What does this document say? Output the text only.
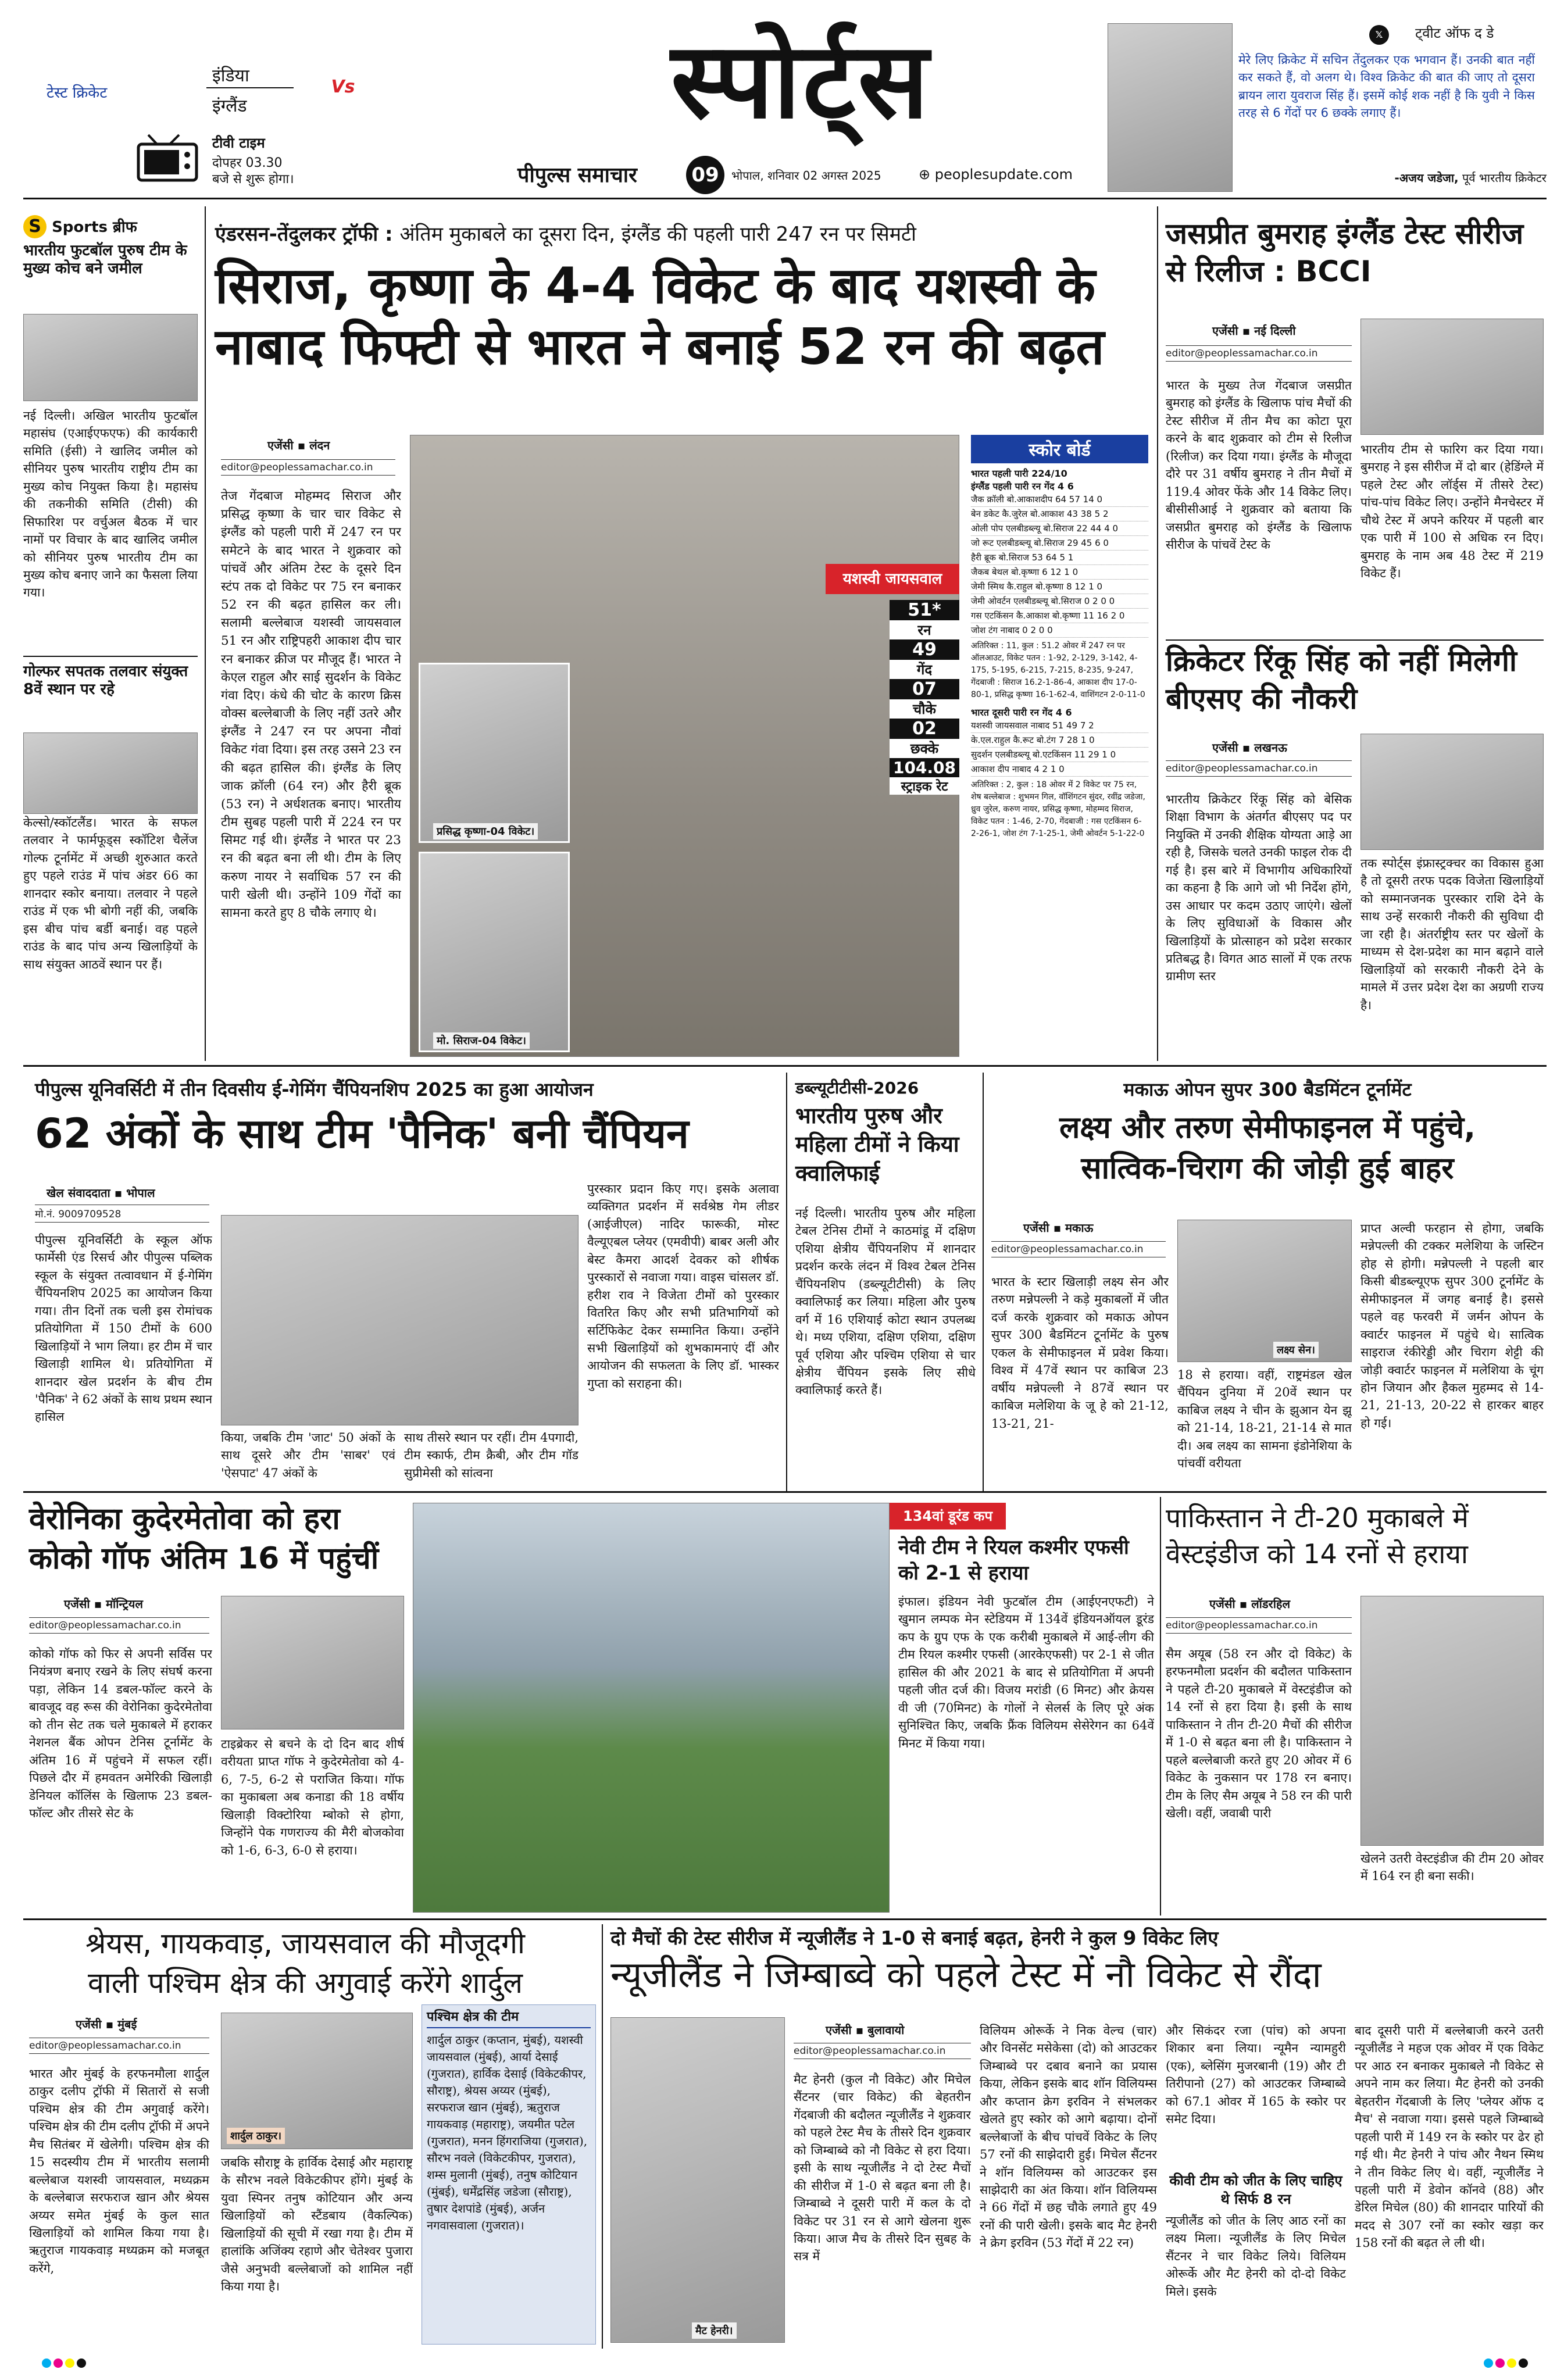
टेस्ट क्रिकेट
इंडिया
इंग्लैंड
Vs
टीवी टाइम
दोपहर 03.30
बजे से शुरू होगा।
स्पोर्ट्स
पीपुल्स समाचार	09	भोपाल, शनिवार 02 अगस्त 2025	⊕ peoplesupdate.com
𝕏 ट्वीट ऑफ द डे
मेरे लिए क्रिकेट में सचिन तेंदुलकर एक भगवान हैं। उनकी बात नहीं कर सकते हैं, वो अलग थे। विश्व क्रिकेट की बात की जाए तो दूसरा ब्रायन लारा युवराज सिंह हैं। इसमें कोई शक नहीं है कि युवी ने किस तरह से 6 गेंदों पर 6 छक्के लगाए हैं।
-अजय जडेजा, पूर्व भारतीय क्रिकेटर
S Sports ब्रीफ
भारतीय फुटबॉल पुरुष टीम के मुख्य कोच बने जमील
नई दिल्ली। अखिल भारतीय फुटबॉल महासंघ (एआईएफएफ) की कार्यकारी समिति (ईसी) ने खालिद जमील को सीनियर पुरुष भारतीय राष्ट्रीय टीम का मुख्य कोच नियुक्त किया है। महासंघ की तकनीकी समिति (टीसी) की सिफारिश पर वर्चुअल बैठक में चार नामों पर विचार के बाद खालिद जमील को सीनियर पुरुष भारतीय टीम का मुख्य कोच बनाए जाने का फैसला लिया गया।
गोल्फर सपतक तलवार संयुक्त 8वें स्थान पर रहे
केल्सो/स्कॉटलैंड। भारत के सफल तलवार ने फार्मफूड्स स्कॉटिश चैलेंज गोल्फ टूर्नामेंट में अच्छी शुरुआत करते हुए पहले राउंड में पांच अंडर 66 का शानदार स्कोर बनाया। तलवार ने पहले राउंड में एक भी बोगी नहीं की, जबकि इस बीच पांच बर्डी बनाई। वह पहले राउंड के बाद पांच अन्य खिलाड़ियों के साथ संयुक्त आठवें स्थान पर हैं।
एंडरसन-तेंदुलकर ट्रॉफी : अंतिम मुकाबले का दूसरा दिन, इंग्लैंड की पहली पारी 247 रन पर सिमटी
सिराज, कृष्णा के 4-4 विकेट के बाद यशस्वी के
नाबाद फिफ्टी से भारत ने बनाई 52 रन की बढ़त
एजेंसी ▪ लंदन
editor@peoplessamachar.co.in
तेज गेंदबाज मोहम्मद सिराज और प्रसिद्ध कृष्णा के चार चार विकेट से इंग्लैंड को पहली पारी में 247 रन पर समेटने के बाद भारत ने शुक्रवार को पांचवें और अंतिम टेस्ट के दूसरे दिन स्टंप तक दो विकेट पर 75 रन बनाकर 52 रन की बढ़त हासिल कर ली। सलामी बल्लेबाज यशस्वी जायसवाल 51 रन और राष्ट्रिपहरी आकाश दीप चार रन बनाकर क्रीज पर मौजूद हैं। भारत ने केएल राहुल और साई सुदर्शन के विकेट गंवा दिए। कंधे की चोट के कारण क्रिस वोक्स बल्लेबाजी के लिए नहीं उतरे और इंग्लैंड ने 247 रन पर अपना नौवां विकेट गंवा दिया। इस तरह उसने 23 रन की बढ़त हासिल की। इंग्लैंड के लिए जाक क्रॉली (64 रन) और हैरी ब्रूक (53 रन) ने अर्धशतक बनाए। भारतीय टीम सुबह पहली पारी में 224 रन पर सिमट गई थी। इंग्लैंड ने भारत पर 23 रन की बढ़त बना ली थी। टीम के लिए करुण नायर ने सर्वाधिक 57 रन की पारी खेली थी। उन्होंने 109 गेंदों का सामना करते हुए 8 चौके लगाए थे।
यशस्वी जायसवाल
51*
रन
49
गेंद
07
चौके
02
छक्के
104.08
स्ट्राइक रेट
प्रसिद्ध कृष्णा-04 विकेट।
मो. सिराज-04 विकेट।
स्कोर बोर्ड
भारत पहली पारी 224/10
इंग्लैंड पहली पारी रन गेंद 4 6
जैक क्रॉली बो.आकाशदीप 64 57 14 0
बेन डकेट कै.जुरेल बो.आकाश 43 38 5 2
ओली पोप एलबीडब्ल्यू बो.सिराज 22 44 4 0
जो रूट एलबीडब्ल्यू बो.सिराज 29 45 6 0
हैरी ब्रूक बो.सिराज 53 64 5 1
जैकब बेथल बो.कृष्णा 6 12 1 0
जेमी स्मिथ कै.राहुल बो.कृष्णा 8 12 1 0
जेमी ओवर्टन एलबीडब्ल्यू बो.सिराज 0 2 0 0
गस एटकिंसन कै.आकाश बो.कृष्णा 11 16 2 0
जोश टंग नाबाद 0 2 0 0
अतिरिक्त : 11, कुल : 51.2 ओवर में 247 रन पर ऑलआउट, विकेट पतन : 1-92, 2-129, 3-142, 4-175, 5-195, 6-215, 7-215, 8-235, 9-247, गेंदबाजी : सिराज 16.2-1-86-4, आकाश दीप 17-0-80-1, प्रसिद्ध कृष्णा 16-1-62-4, वाशिंगटन 2-0-11-0
भारत दूसरी पारी रन गेंद 4 6
यशस्वी जायसवाल नाबाद 51 49 7 2
के.एल.राहुल कै.रूट बो.टंग 7 28 1 0
सुदर्शन एलबीडब्ल्यू बो.एटकिंसन 11 29 1 0
आकाश दीप नाबाद 4 2 1 0
अतिरिक्त : 2, कुल : 18 ओवर में 2 विकेट पर 75 रन, शेष बल्लेबाज : शुभमन गिल, वॉशिंगटन सुंदर, रवींद्र जडेजा, ध्रुव जुरेल, करुण नायर, प्रसिद्ध कृष्णा, मोहम्मद सिराज, विकेट पतन : 1-46, 2-70, गेंदबाजी : गस एटकिंसन 6-2-26-1, जोश टंग 7-1-25-1, जेमी ओवर्टन 5-1-22-0
जसप्रीत बुमराह इंग्लैंड टेस्ट सीरीज से रिलीज : BCCI
एजेंसी ▪ नई दिल्ली
editor@peoplessamachar.co.in
भारत के मुख्य तेज गेंदबाज जसप्रीत बुमराह को इंग्लैंड के खिलाफ पांच मैचों की टेस्ट सीरीज में तीन मैच का कोटा पूरा करने के बाद शुक्रवार को टीम से रिलीज (रिलीज) कर दिया गया। इंग्लैंड के मौजूदा दौरे पर 31 वर्षीय बुमराह ने तीन मैचों में 119.4 ओवर फेंके और 14 विकेट लिए। बीसीसीआई ने शुक्रवार को बताया कि जसप्रीत बुमराह को इंग्लैंड के खिलाफ सीरीज के पांचवें टेस्ट के
भारतीय टीम से फारिग कर दिया गया। बुमराह ने इस सीरीज में दो बार (हेडिंग्ले में पहले टेस्ट और लॉर्ड्स में तीसरे टेस्ट) पांच-पांच विकेट लिए। उन्होंने मैनचेस्टर में चौथे टेस्ट में अपने करियर में पहली बार एक पारी में 100 से अधिक रन दिए। बुमराह के नाम अब 48 टेस्ट में 219 विकेट हैं।
क्रिकेटर रिंकू सिंह को नहीं मिलेगी बीएसए की नौकरी
एजेंसी ▪ लखनऊ
editor@peoplessamachar.co.in
भारतीय क्रिकेटर रिंकू सिंह को बेसिक शिक्षा विभाग के अंतर्गत बीएसए पद पर नियुक्ति में उनकी शैक्षिक योग्यता आड़े आ रही है, जिसके चलते उनकी फाइल रोक दी गई है। इस बारे में विभागीय अधिकारियों का कहना है कि आगे जो भी निर्देश होंगे, उस आधार पर कदम उठाए जाएंगे। खेलों के लिए सुविधाओं के विकास और खिलाड़ियों के प्रोत्साहन को प्रदेश सरकार प्रतिबद्ध है। विगत आठ सालों में एक तरफ ग्रामीण स्तर
तक स्पोर्ट्स इंफ्रास्ट्रक्चर का विकास हुआ है तो दूसरी तरफ पदक विजेता खिलाड़ियों को सम्मानजनक पुरस्कार राशि देने के साथ उन्हें सरकारी नौकरी की सुविधा दी जा रही है। अंतर्राष्ट्रीय स्तर पर खेलों के माध्यम से देश-प्रदेश का मान बढ़ाने वाले खिलाड़ियों को सरकारी नौकरी देने के मामले में उत्तर प्रदेश देश का अग्रणी राज्य है।
पीपुल्स यूनिवर्सिटी में तीन दिवसीय ई-गेमिंग चैंपियनशिप 2025 का हुआ आयोजन
62 अंकों के साथ टीम 'पैनिक' बनी चैंपियन
खेल संवाददाता ▪ भोपाल
मो.नं. 9009709528
पीपुल्स यूनिवर्सिटी के स्कूल ऑफ फार्मेसी एंड रिसर्च और पीपुल्स पब्लिक स्कूल के संयुक्त तत्वावधान में ई-गेमिंग चैंपियनशिप 2025 का आयोजन किया गया। तीन दिनों तक चली इस रोमांचक प्रतियोगिता में 150 टीमों के 600 खिलाड़ियों ने भाग लिया। हर टीम में चार खिलाड़ी शामिल थे। प्रतियोगिता में शानदार खेल प्रदर्शन के बीच टीम 'पैनिक' ने 62 अंकों के साथ प्रथम स्थान हासिल
किया, जबकि टीम 'जाट' 50 अंकों के साथ दूसरे और टीम 'साबर' एवं 'ऐसपाट' 47 अंकों के
साथ तीसरे स्थान पर रहीं। टीम 4पगादी, टीम स्कार्फ, टीम क्रैबी, और टीम गॉड सुप्रीमेसी को सांत्वना
पुरस्कार प्रदान किए गए। इसके अलावा व्यक्तिगत प्रदर्शन में सर्वश्रेष्ठ गेम लीडर (आईजीएल) नादिर फारूकी, मोस्ट वैल्यूएबल प्लेयर (एमवीपी) बाबर अली और बेस्ट कैमरा आदर्श देवकर को शीर्षक पुरस्कारों से नवाजा गया। वाइस चांसलर डॉ. हरीश राव ने विजेता टीमों को पुरस्कार वितरित किए और सभी प्रतिभागियों को सर्टिफिकेट देकर सम्मानित किया। उन्होंने सभी खिलाड़ियों को शुभकामनाएं दीं और आयोजन की सफलता के लिए डॉ. भास्कर गुप्ता को सराहना की।
डब्ल्यूटीटीसी-2026
भारतीय पुरुष और महिला टीमों ने किया क्वालिफाई
नई दिल्ली। भारतीय पुरुष और महिला टेबल टेनिस टीमों ने काठमांडू में दक्षिण एशिया क्षेत्रीय चैंपियनशिप में शानदार प्रदर्शन करके लंदन में विश्व टेबल टेनिस चैंपियनशिप (डब्ल्यूटीटीसी) के लिए क्वालिफाई कर लिया। महिला और पुरुष वर्ग में 16 एशियाई कोटा स्थान उपलब्ध थे। मध्य एशिया, दक्षिण एशिया, दक्षिण पूर्व एशिया और पश्चिम एशिया से चार क्षेत्रीय चैंपियन इसके लिए सीधे क्वालिफाई करते हैं।
मकाऊ ओपन सुपर 300 बैडमिंटन टूर्नामेंट
लक्ष्य और तरुण सेमीफाइनल में पहुंचे,
सात्विक-चिराग की जोड़ी हुई बाहर
एजेंसी ▪ मकाऊ
editor@peoplessamachar.co.in
भारत के स्टार खिलाड़ी लक्ष्य सेन और तरुण मन्नेपल्ली ने कड़े मुकाबलों में जीत दर्ज करके शुक्रवार को मकाऊ ओपन सुपर 300 बैडमिंटन टूर्नामेंट के पुरुष एकल के सेमीफाइनल में प्रवेश किया। विश्व में 47वें स्थान पर काबिज 23 वर्षीय मन्नेपल्ली ने 87वें स्थान पर काबिज मलेशिया के जू हे को 21-12, 13-21, 21-
लक्ष्य सेन।
18 से हराया। वहीं, राष्ट्रमंडल खेल चैंपियन दुनिया में 20वें स्थान पर काबिज लक्ष्य ने चीन के झुआन येन झू को 21-14, 18-21, 21-14 से मात दी। अब लक्ष्य का सामना इंडोनेशिया के पांचवीं वरीयता
प्राप्त अल्वी फरहान से होगा, जबकि मन्नेपल्ली की टक्कर मलेशिया के जस्टिन होह से होगी। मन्नेपल्ली ने पहली बार किसी बीडब्ल्यूएफ सुपर 300 टूर्नामेंट के सेमीफाइनल में जगह बनाई है। इससे पहले वह फरवरी में जर्मन ओपन के क्वार्टर फाइनल में पहुंचे थे। सात्विक साइराज रंकीरेड्डी और चिराग शेट्टी की जोड़ी क्वार्टर फाइनल में मलेशिया के चूंग होन जियान और हैकल मुहम्मद से 14-21, 21-13, 20-22 से हारकर बाहर हो गई।
वेरोनिका कुदेरमेतोवा को हरा
कोको गॉफ अंतिम 16 में पहुंचीं
एजेंसी ▪ मॉन्ट्रियल
editor@peoplessamachar.co.in
कोको गॉफ को फिर से अपनी सर्विस पर नियंत्रण बनाए रखने के लिए संघर्ष करना पड़ा, लेकिन 14 डबल-फॉल्ट करने के बावजूद वह रूस की वेरोनिका कुदेरमेतोवा को तीन सेट तक चले मुकाबले में हराकर नेशनल बैंक ओपन टेनिस टूर्नामेंट के अंतिम 16 में पहुंचने में सफल रहीं। पिछले दौर में हमवतन अमेरिकी खिलाड़ी डेनियल कॉलिंस के खिलाफ 23 डबल-फॉल्ट और तीसरे सेट के
टाइब्रेकर से बचने के दो दिन बाद शीर्ष वरीयता प्राप्त गॉफ ने कुदेरमेतोवा को 4-6, 7-5, 6-2 से पराजित किया। गॉफ का मुकाबला अब कनाडा की 18 वर्षीय खिलाड़ी विक्टोरिया म्बोको से होगा, जिन्होंने पेक गणराज्य की मैरी बोजकोवा को 1-6, 6-3, 6-0 से हराया।
134वां डूरंड कप
नेवी टीम ने रियल कश्मीर एफसी को 2-1 से हराया
इंफाल। इंडियन नेवी फुटबॉल टीम (आईएनएफटी) ने खुमान लम्पक मेन स्टेडियम में 134वें इंडियनऑयल डूरंड कप के ग्रुप एफ के एक करीबी मुकाबले में आई-लीग की टीम रियल कश्मीर एफसी (आरकेएफसी) पर 2-1 से जीत हासिल की और 2021 के बाद से प्रतियोगिता में अपनी पहली जीत दर्ज की। विजय मरांडी (6 मिनट) और क्रेयस वी जी (70मिनट) के गोलों ने सेलर्स के लिए पूरे अंक सुनिश्चित किए, जबकि फ्रैंक विलियम सेसेरेगन का 64वें मिनट में किया गया।
पाकिस्तान ने टी-20 मुकाबले में
वेस्टइंडीज को 14 रनों से हराया
एजेंसी ▪ लॉडरहिल
editor@peoplessamachar.co.in
सैम अयूब (58 रन और दो विकेट) के हरफनमौला प्रदर्शन की बदौलत पाकिस्तान ने पहले टी-20 मुकाबले में वेस्टइंडीज को 14 रनों से हरा दिया है। इसी के साथ पाकिस्तान ने तीन टी-20 मैचों की सीरीज में 1-0 से बढ़त बना ली है। पाकिस्तान ने पहले बल्लेबाजी करते हुए 20 ओवर में 6 विकेट के नुकसान पर 178 रन बनाए। टीम के लिए सैम अयूब ने 58 रन की पारी खेली। वहीं, जवाबी पारी
खेलने उतरी वेस्टइंडीज की टीम 20 ओवर में 164 रन ही बना सकी।
श्रेयस, गायकवाड़, जायसवाल की मौजूदगी
वाली पश्चिम क्षेत्र की अगुवाई करेंगे शार्दुल
एजेंसी ▪ मुंबई
editor@peoplessamachar.co.in
भारत और मुंबई के हरफनमौला शार्दुल ठाकुर दलीप ट्रॉफी में सितारों से सजी पश्चिम क्षेत्र की टीम अगुवाई करेंगे। पश्चिम क्षेत्र की टीम दलीप ट्रॉफी में अपने मैच सितंबर में खेलेगी। पश्चिम क्षेत्र की 15 सदस्यीय टीम में भारतीय सलामी बल्लेबाज यशस्वी जायसवाल, मध्यक्रम के बल्लेबाज सरफराज खान और श्रेयस अय्यर समेत मुंबई के कुल सात खिलाड़ियों को शामिल किया गया है। ऋतुराज गायकवाड़ मध्यक्रम को मजबूत करेंगे,
शार्दुल ठाकुर।
जबकि सौराष्ट्र के हार्विक देसाई और महाराष्ट्र के सौरभ नवले विकेटकीपर होंगे। मुंबई के युवा स्पिनर तनुष कोटियान और अन्य खिलाड़ियों को स्टैंडबाय (वैकल्पिक) खिलाड़ियों की सूची में रखा गया है। टीम में हालांकि अजिंक्य रहाणे और चेतेश्वर पुजारा जैसे अनुभवी बल्लेबाजों को शामिल नहीं किया गया है।
पश्चिम क्षेत्र की टीम
शार्दुल ठाकुर (कप्तान, मुंबई), यशस्वी जायसवाल (मुंबई), आर्या देसाई (गुजरात), हार्विक देसाई (विकेटकीपर, सौराष्ट्र), श्रेयस अय्यर (मुंबई), सरफराज खान (मुंबई), ऋतुराज गायकवाड़ (महाराष्ट्र), जयमीत पटेल (गुजरात), मनन हिंगराजिया (गुजरात), सौरभ नवले (विकेटकीपर, गुजरात), शम्स मुलानी (मुंबई), तनुष कोटियान (मुंबई), धर्मेंद्रसिंह जडेजा (सौराष्ट्र), तुषार देशपांडे (मुंबई), अर्जन नगवासवाला (गुजरात)।
दो मैचों की टेस्ट सीरीज में न्यूजीलैंड ने 1-0 से बनाई बढ़त, हेनरी ने कुल 9 विकेट लिए
न्यूजीलैंड ने जिम्बाब्वे को पहले टेस्ट में नौ विकेट से रौंदा
मैट हेनरी।
एजेंसी ▪ बुलावायो
editor@peoplessamachar.co.in
मैट हेनरी (कुल नौ विकेट) और मिचेल सैंटनर (चार विकेट) की बेहतरीन गेंदबाजी की बदौलत न्यूजीलैंड ने शुक्रवार को पहले टेस्ट मैच के तीसरे दिन शुक्रवार को जिम्बाब्वे को नौ विकेट से हरा दिया। इसी के साथ न्यूजीलैंड ने दो टेस्ट मैचों की सीरीज में 1-0 से बढ़त बना ली है। जिम्बाब्वे ने दूसरी पारी में कल के दो विकेट पर 31 रन से आगे खेलना शुरू किया। आज मैच के तीसरे दिन सुबह के सत्र में
विलियम ओरूर्के ने निक वेल्च (चार) और विनसेंट मसेकेसा (दो) को आउटकर जिम्बाब्वे पर दबाव बनाने का प्रयास किया, लेकिन इसके बाद शॉन विलियम्स और कप्तान क्रेग इरविन ने संभलकर खेलते हुए स्कोर को आगे बढ़ाया। दोनों बल्लेबाजों के बीच पांचवें विकेट के लिए 57 रनों की साझेदारी हुई। मिचेल सैंटनर ने शॉन विलियम्स को आउटकर इस साझेदारी का अंत किया। शॉन विलियम्स ने 66 गेंदों में छह चौके लगाते हुए 49 रनों की पारी खेली। इसके बाद मैट हेनरी ने क्रेग इरविन (53 गेंदों में 22 रन)
और सिकंदर रजा (पांच) को अपना शिकार बना लिया। न्यूमैन न्यामहुरी (एक), ब्लेसिंग मुजरबानी (19) और टी तिरीपानो (27) को आउटकर जिम्बाब्वे को 67.1 ओवर में 165 के स्कोर पर समेट दिया।
कीवी टीम को जीत के लिए चाहिए थे सिर्फ 8 रन
न्यूजीलैंड को जीत के लिए आठ रनों का लक्ष्य मिला। न्यूजीलैंड के लिए मिचेल सैंटनर ने चार विकेट लिये। विलियम ओरूर्के और मैट हेनरी को दो-दो विकेट मिले। इसके
बाद दूसरी पारी में बल्लेबाजी करने उतरी न्यूजीलैंड ने महज एक ओवर में एक विकेट पर आठ रन बनाकर मुकाबले नौ विकेट से अपने नाम कर लिया। मैट हेनरी को उनकी बेहतरीन गेंदबाजी के लिए 'प्लेयर ऑफ द मैच' से नवाजा गया। इससे पहले जिम्बाब्वे पहली पारी में 149 रन के स्कोर पर ढेर हो गई थी। मैट हेनरी ने पांच और नैथन स्मिथ ने तीन विकेट लिए थे। वहीं, न्यूजीलैंड ने पहली पारी में डेवोन कॉनवे (88) और डेरिल मिचेल (80) की शानदार पारियों की मदद से 307 रनों का स्कोर खड़ा कर 158 रनों की बढ़त ले ली थी।
